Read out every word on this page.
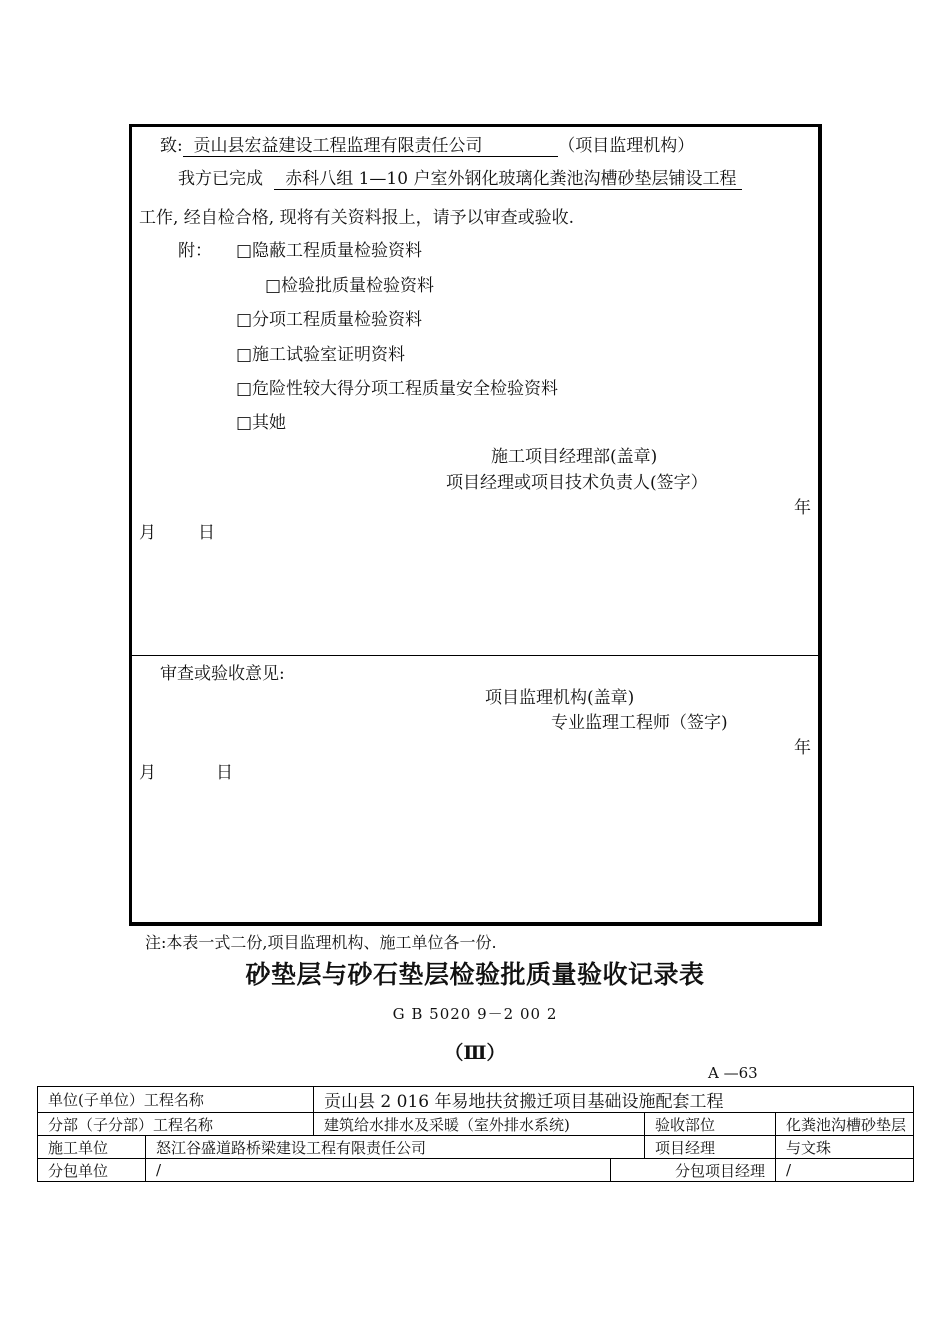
致:  贡山县宏益建设工程监理有限责任公司              （项目监理机构）
我方已完成   赤科八组 1—10 户室外钢化玻璃化粪池沟槽砂垫层铺设工程
工作, 经自检合格, 现将有关资料报上，请予以审查或验收.
附： □隐蔽工程质量检验资料
□检验批质量检验资料
□分项工程质量检验资料
□施工试验室证明资料
□危险性较大得分项工程质量安全检验资料
□其她
施工项目经理部(盖章)
项目经理或项目技术负责人(签字）
年
月 日
审查或验收意见:
项目监理机构(盖章)
专业监理工程师（签字)
年
月	日
注:本表一式二份,项目监理机构、施工单位各一份.
砂垫层与砂石垫层检验批质量验收记录表
G B 5020 9－2 00 2
（Ⅲ）
A —63
单位(子单位）工程名称		贡山县 2 016 年易地扶贫搬迁项目基础设施配套工程			
分部（子分部）工程名称		建筑给水排水及采暖（室外排水系统)		验收部位	化粪池沟槽砂垫层
施工单位	怒江谷盛道路桥梁建设工程有限责任公司			项目经理	与文珠
分包单位	/		分包项目经理		/
